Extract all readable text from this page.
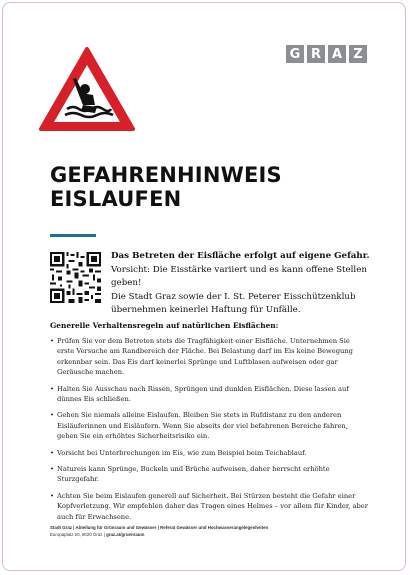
G R A Z
GEFAHRENHINWEIS EISLAUFEN
Das Betreten der Eisfläche erfolgt auf eigene Gefahr.
Vorsicht: Die Eisstärke variiert und es kann offene Stellen geben!
Die Stadt Graz sowie der I. St. Peterer Eisschützenklub übernehmen keinerlei Haftung für Unfälle.
Generelle Verhaltensregeln auf natürlichen Eisflächen:
• Prüfen Sie vor dem Betreten stets die Tragfähigkeit einer Eisfläche. Unternehmen Sie erste Versuche am Randbereich der Fläche. Bei Belastung darf im Eis keine Bewegung erkennbar sein. Das Eis darf keinerlei Sprünge und Luftblasen aufweisen oder gar Geräusche machen.
• Halten Sie Ausschau nach Rissen, Sprüngen und dunklen Eisflächen. Diese lassen auf dünnes Eis schließen.
• Gehen Sie niemals alleine Eislaufen. Bleiben Sie stets in Rufdistanz zu den anderen Eisläuferinnen und Eisläufern. Wenn Sie abseits der viel befahrenen Bereiche fahren, gehen Sie ein erhöhtes Sicherheitsrisiko ein.
• Vorsicht bei Unterbrechungen im Eis, wie zum Beispiel beim Teichablauf.
• Natureis kann Sprünge, Buckeln und Brüche aufweisen, daher herrscht erhöhte Sturzgefahr.
• Achten Sie beim Eislaufen generell auf Sicherheit. Bei Stürzen besteht die Gefahr einer Kopfverletzung. Wir empfehlen daher das Tragen eines Helmes – vor allem für Kinder, aber auch für Erwachsene.
Stadt Graz | Abteilung für Grünraum und Gewässer | Referat Gewässer und Hochwasserangelegenheiten
Europaplatz 20, 8020 Graz | graz.at/gruenraum
